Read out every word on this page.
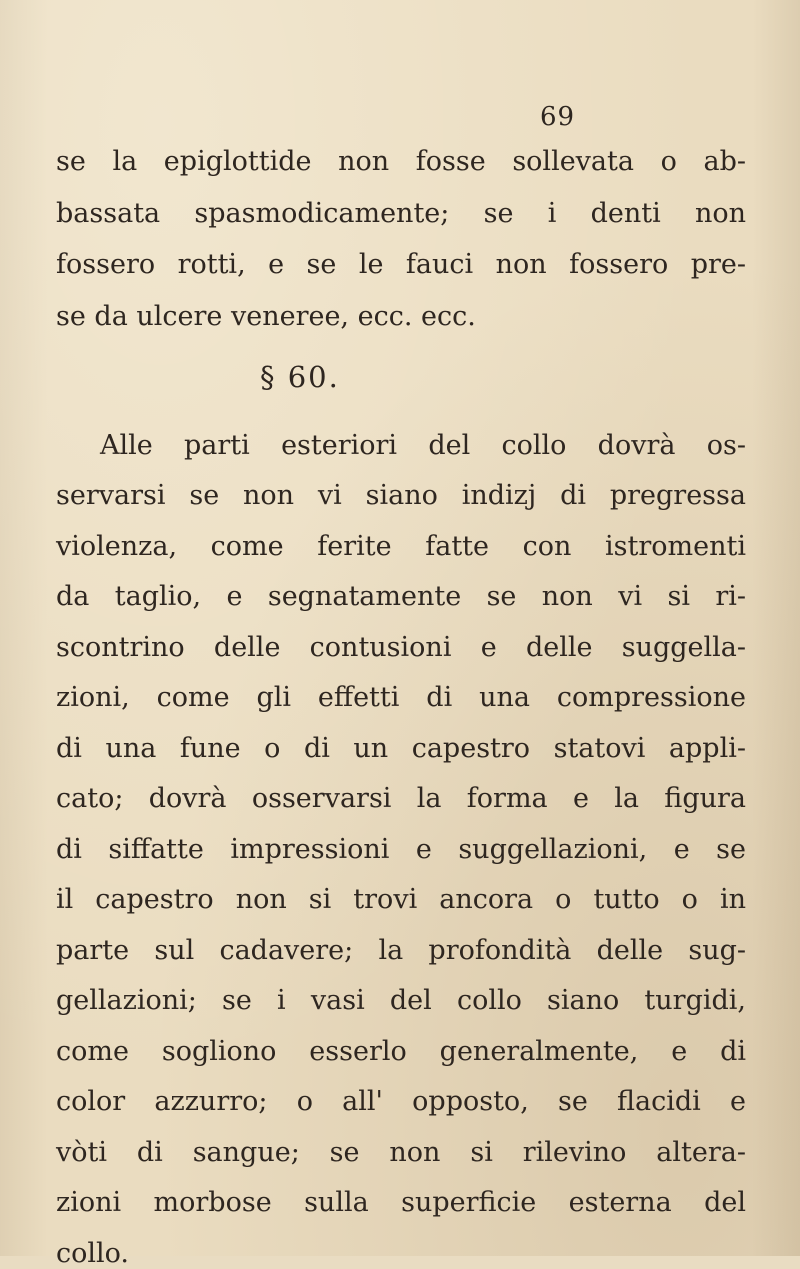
69
se la epiglottide non fosse sollevata o ab-
bassata spasmodicamente; se i denti non
fossero rotti, e se le fauci non fossero pre-
se da ulcere veneree, ecc. ecc.
§ 60.
Alle parti esteriori del collo dovrà os-
servarsi se non vi siano indizj di pregressa
violenza, come ferite fatte con istromenti
da taglio, e segnatamente se non vi si ri-
scontrino delle contusioni e delle suggella-
zioni, come gli effetti di una compressione
di una fune o di un capestro statovi appli-
cato; dovrà osservarsi la forma e la figura
di siffatte impressioni e suggellazioni, e se
il capestro non si trovi ancora o tutto o in
parte sul cadavere; la profondità delle sug-
gellazioni; se i vasi del collo siano turgidi,
come sogliono esserlo generalmente, e di
color azzurro; o all' opposto, se flacidi e
vòti di sangue; se non si rilevino altera-
zioni morbose sulla superficie esterna del
collo.
